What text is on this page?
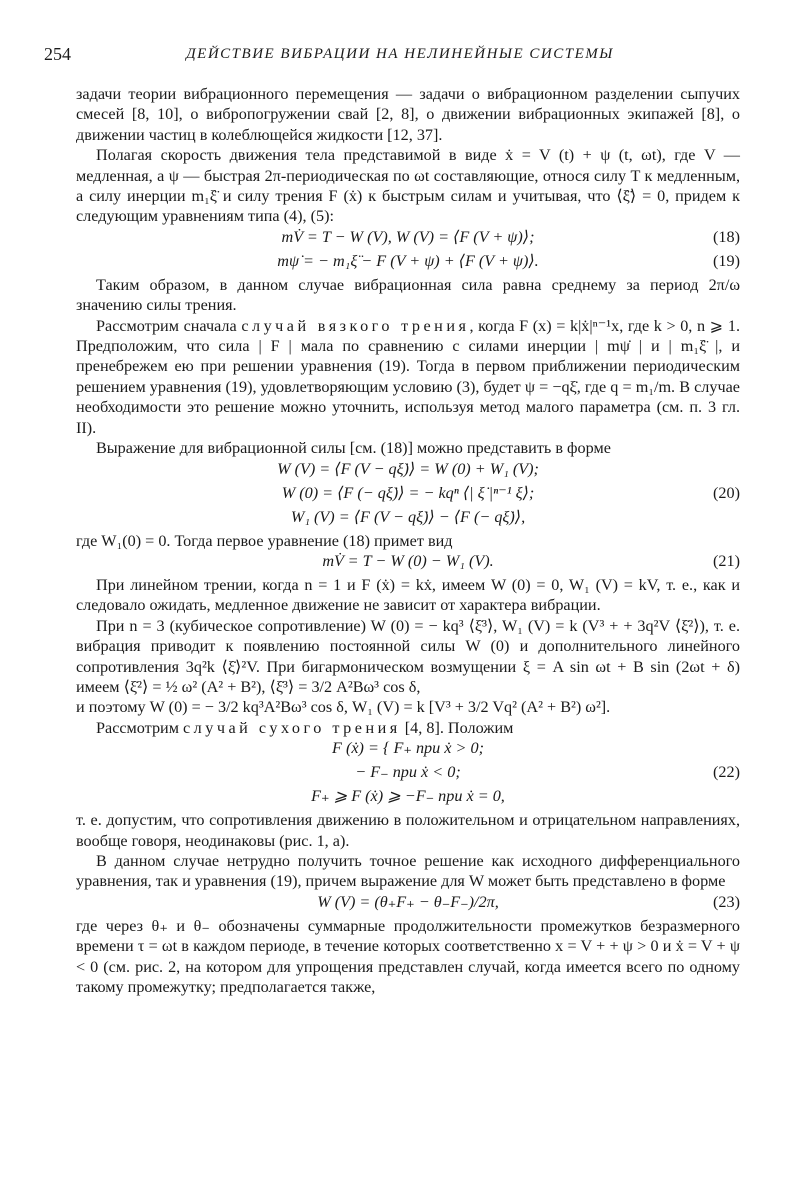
254	ДЕЙСТВИЕ ВИБРАЦИИ НА НЕЛИНЕЙНЫЕ СИСТЕМЫ

задачи теории вибрационного перемещения — задачи о вибрационном разделении сыпучих смесей [8, 10], о вибропогружении свай [2, 8], о движении вибрационных экипажей [8], о движении частиц в колеблющейся жидкости [12, 37].

Полагая скорость движения тела представимой в виде ẋ = V (t) + ψ (t, ωt), где V — медленная, а ψ — быстрая 2π-периодическая по ωt составляющие, относя силу T к медленным, а силу инерции m₁ξ̈ и силу трения F (ẋ) к быстрым силам и учитывая, что ⟨ξ̈⟩ = 0, придем к следующим уравнениям типа (4), (5):

mV̇ = T − W (V), W (V) = ⟨F (V + ψ)⟩;	(18)
mψ̇ = − m₁ξ̈ − F (V + ψ) + ⟨F (V + ψ)⟩.	(19)

Таким образом, в данном случае вибрационная сила равна среднему за период 2π/ω значению силы трения.

Рассмотрим сначала случай вязкого трения, когда F (x) = k|ẋ|ⁿ⁻¹x, где k > 0, n ⩾ 1. Предположим, что сила | F | мала по сравнению с силами инерции | mψ̇ | и | m₁ξ̈ |, и пренебрежем ею при решении уравнения (19). Тогда в первом приближении периодическим решением уравнения (19), удовлетворяющим условию (3), будет ψ = −qξ̇, где q = m₁/m. В случае необходимости это решение можно уточнить, используя метод малого параметра (см. п. 3 гл. II).

Выражение для вибрационной силы [см. (18)] можно представить в форме

W (V) = ⟨F (V − qξ̇)⟩ = W (0) + W₁ (V);
W (0) = ⟨F (− qξ̇)⟩ = − kqⁿ ⟨| ξ̇ |ⁿ⁻¹ ξ̇⟩;	(20)
W₁ (V) = ⟨F (V − qξ̇)⟩ − ⟨F (− qξ̇)⟩,

где W₁(0) = 0. Тогда первое уравнение (18) примет вид

mV̇ = T − W (0) − W₁ (V).	(21)

При линейном трении, когда n = 1 и F (ẋ) = kẋ, имеем W (0) = 0, W₁ (V) = kV, т. е., как и следовало ожидать, медленное движение не зависит от характера вибрации.

При n = 3 (кубическое сопротивление) W (0) = − kq³ ⟨ξ̇³⟩, W₁ (V) = k (V³ + + 3q²V ⟨ξ̇²⟩), т. е. вибрация приводит к появлению постоянной силы W (0) и дополнительного линейного сопротивления 3q²k ⟨ξ̇⟩²V. При бигармоническом возмущении ξ = A sin ωt + B sin (2ωt + δ) имеем ⟨ξ̇²⟩ = ½ ω² (A² + B²), ⟨ξ̇³⟩ = 3/2 A²Bω³ cos δ,

и поэтому W (0) = − 3/2 kq³A²Bω³ cos δ, W₁ (V) = k [V³ + 3/2 Vq² (A² + B²) ω²].

Рассмотрим случай сухого трения [4, 8]. Положим

F (ẋ) = { F₊ при ẋ > 0;
− F₋ при ẋ < 0;	(22)
F₊ ⩾ F (ẋ) ⩾ −F₋ при ẋ = 0,

т. е. допустим, что сопротивления движению в положительном и отрицательном направлениях, вообще говоря, неодинаковы (рис. 1, а).

В данном случае нетрудно получить точное решение как исходного дифференциального уравнения, так и уравнения (19), причем выражение для W может быть представлено в форме

W (V) = (θ₊F₊ − θ₋F₋)/2π,	(23)

где через θ₊ и θ₋ обозначены суммарные продолжительности промежутков безразмерного времени τ = ωt в каждом периоде, в течение которых соответственно x = V + + ψ > 0 и ẋ = V + ψ < 0 (см. рис. 2, на котором для упрощения представлен случай, когда имеется всего по одному такому промежутку; предполагается также,
